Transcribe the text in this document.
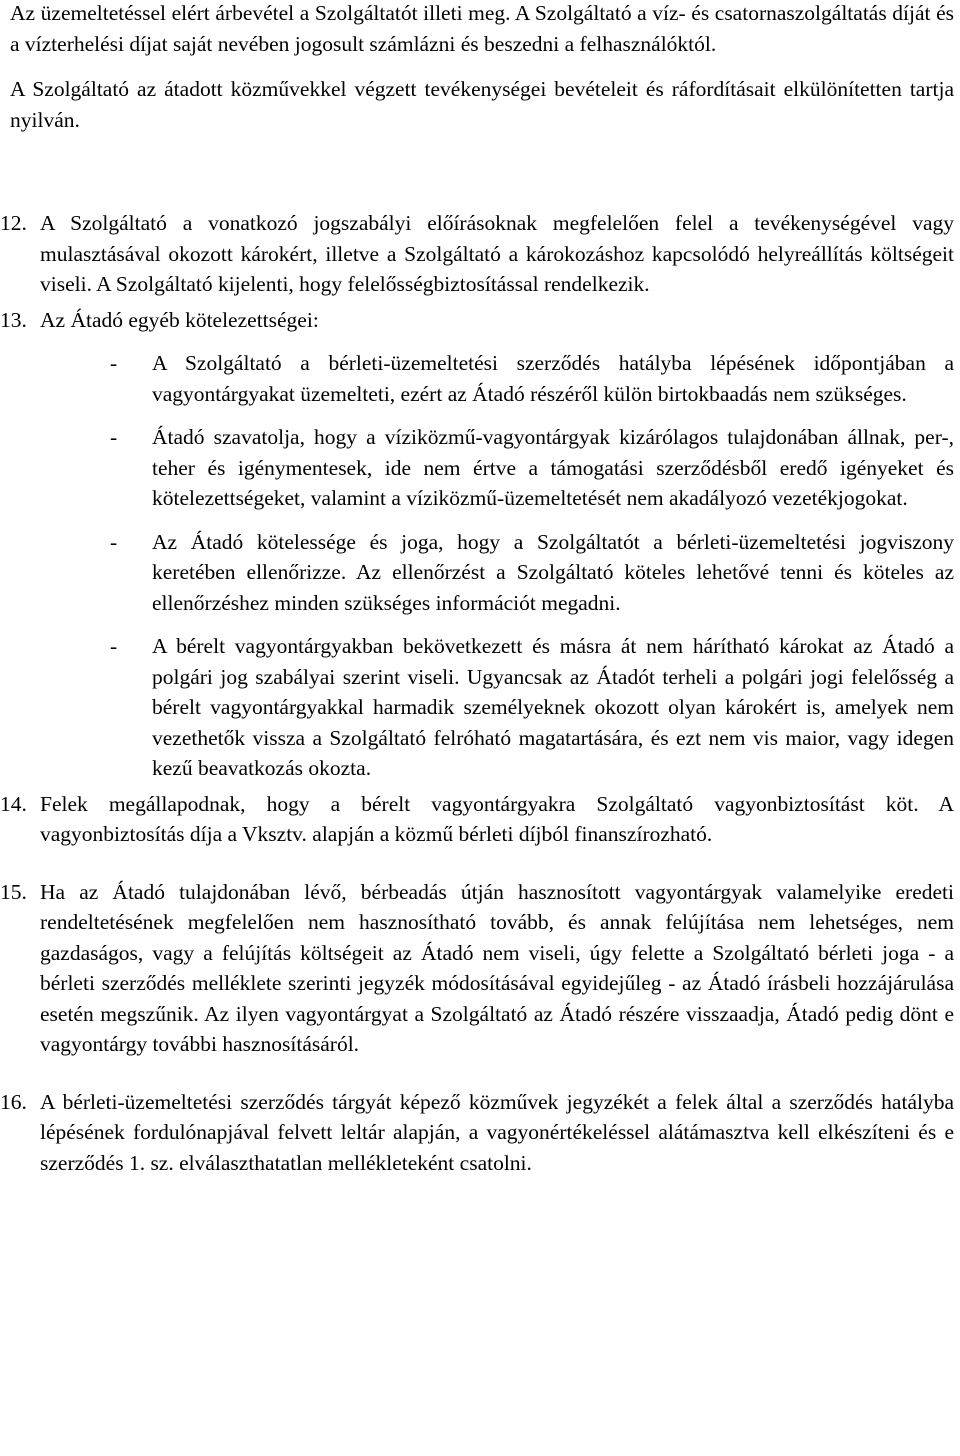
Az üzemeltetéssel elért árbevétel a Szolgáltatót illeti meg. A Szolgáltató a víz- és csatornaszolgáltatás díját és a vízterhelési díjat saját nevében jogosult számlázni és beszedni a felhasználóktól.

A Szolgáltató az átadott közművekkel végzett tevékenységei bevételeit és ráfordításait elkülönítetten tartja nyilván.

12. A Szolgáltató a vonatkozó jogszabályi előírásoknak megfelelően felel a tevékenységével vagy mulasztásával okozott károkért, illetve a Szolgáltató a károkozáshoz kapcsolódó helyreállítás költségeit viseli. A Szolgáltató kijelenti, hogy felelősségbiztosítással rendelkezik.

13. Az Átadó egyéb kötelezettségei:

- A Szolgáltató a bérleti-üzemeltetési szerződés hatályba lépésének időpontjában a vagyontárgyakat üzemelteti, ezért az Átadó részéről külön birtokbaadás nem szükséges.

- Átadó szavatolja, hogy a víziközmű-vagyontárgyak kizárólagos tulajdonában állnak, per-, teher és igénymentesek, ide nem értve a támogatási szerződésből eredő igényeket és kötelezettségeket, valamint a víziközmű-üzemeltetését nem akadályozó vezetékjogokat.

- Az Átadó kötelessége és joga, hogy a Szolgáltatót a bérleti-üzemeltetési jogviszony keretében ellenőrizze. Az ellenőrzést a Szolgáltató köteles lehetővé tenni és köteles az ellenőrzéshez minden szükséges információt megadni.

- A bérelt vagyontárgyakban bekövetkezett és másra át nem hárítható károkat az Átadó a polgári jog szabályai szerint viseli. Ugyancsak az Átadót terheli a polgári jogi felelősség a bérelt vagyontárgyakkal harmadik személyeknek okozott olyan károkért is, amelyek nem vezethetők vissza a Szolgáltató felróható magatartására, és ezt nem vis maior, vagy idegen kezű beavatkozás okozta.

14. Felek megállapodnak, hogy a bérelt vagyontárgyakra Szolgáltató vagyonbiztosítást köt. A vagyonbiztosítás díja a Vksztv. alapján a közmű bérleti díjból finanszírozható.

15. Ha az Átadó tulajdonában lévő, bérbeadás útján hasznosított vagyontárgyak valamelyike eredeti rendeltetésének megfelelően nem hasznosítható tovább, és annak felújítása nem lehetséges, nem gazdaságos, vagy a felújítás költségeit az Átadó nem viseli, úgy felette a Szolgáltató bérleti joga - a bérleti szerződés melléklete szerinti jegyzék módosításával egyidejűleg - az Átadó írásbeli hozzájárulása esetén megszűnik. Az ilyen vagyontárgyat a Szolgáltató az Átadó részére visszaadja, Átadó pedig dönt e vagyontárgy további hasznosításáról.

16. A bérleti-üzemeltetési szerződés tárgyát képező közművek jegyzékét a felek által a szerződés hatályba lépésének fordulónapjával felvett leltár alapján, a vagyonértékeléssel alátámasztva kell elkészíteni és e szerződés 1. sz. elválaszthatatlan mellékleteként csatolni.
